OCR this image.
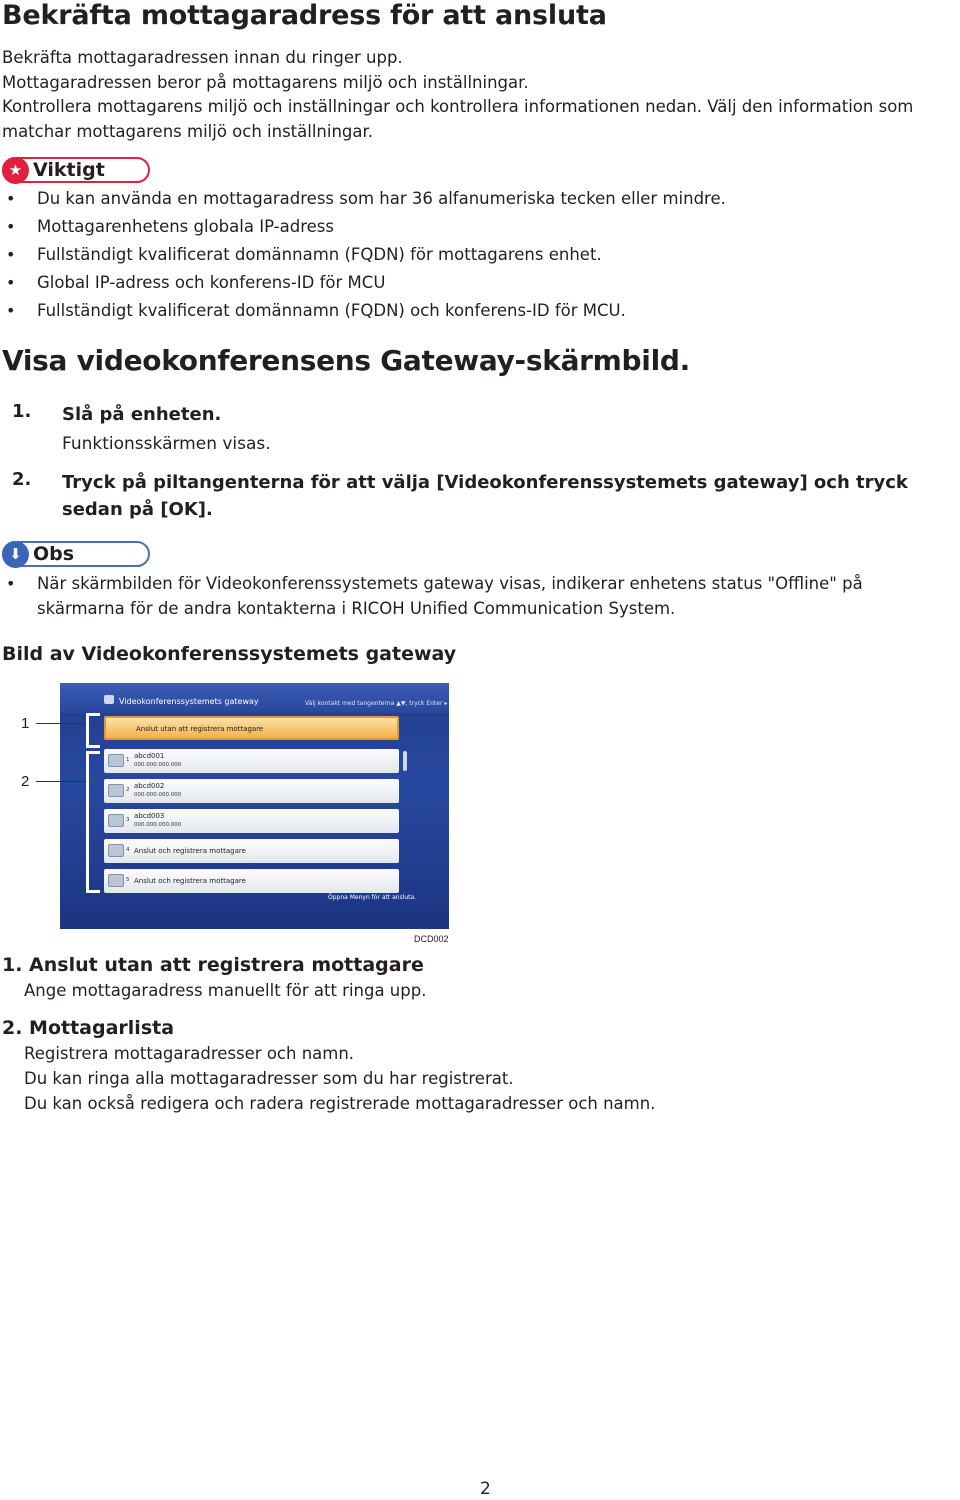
Bekräfta mottagaradress för att ansluta

Bekräfta mottagaradressen innan du ringer upp.

Mottagaradressen beror på mottagarens miljö och inställningar.

Kontrollera mottagarens miljö och inställningar och kontrollera informationen nedan. Välj den information som matchar mottagarens miljö och inställningar.

★ Viktigt
• Du kan använda en mottagaradress som har 36 alfanumeriska tecken eller mindre.
• Mottagarenhetens globala IP-adress
• Fullständigt kvalificerat domännamn (FQDN) för mottagarens enhet.
• Global IP-adress och konferens-ID för MCU
• Fullständigt kvalificerat domännamn (FQDN) och konferens-ID för MCU.
Visa videokonferensens Gateway-skärmbild.
1. Slå på enheten.
Funktionsskärmen visas.
2. Tryck på piltangenterna för att välja [Videokonferenssystemets gateway] och tryck sedan på [OK].
⬇ Obs
• När skärmbilden för Videokonferenssystemets gateway visas, indikerar enhetens status "Offline" på skärmarna för de andra kontakterna i RICOH Unified Communication System.
Bild av Videokonferenssystemets gateway
Videokonferenssystemets gateway	Välj kontakt med tangenterna ▲▼, tryck Enter ▸
Anslut utan att registrera mottagare
1 abcd001
000.000.000.000
2 abcd002
000.000.000.000
3 abcd003
000.000.000.000
4 Anslut och registrera mottagare
5 Anslut och registrera mottagare
Öppna Menyn för att ansluta.
1
2
DCD002
1. Anslut utan att registrera mottagare
Ange mottagaradress manuellt för att ringa upp.
2. Mottagarlista
Registrera mottagaradresser och namn.
Du kan ringa alla mottagaradresser som du har registrerat.
Du kan också redigera och radera registrerade mottagaradresser och namn.
2
